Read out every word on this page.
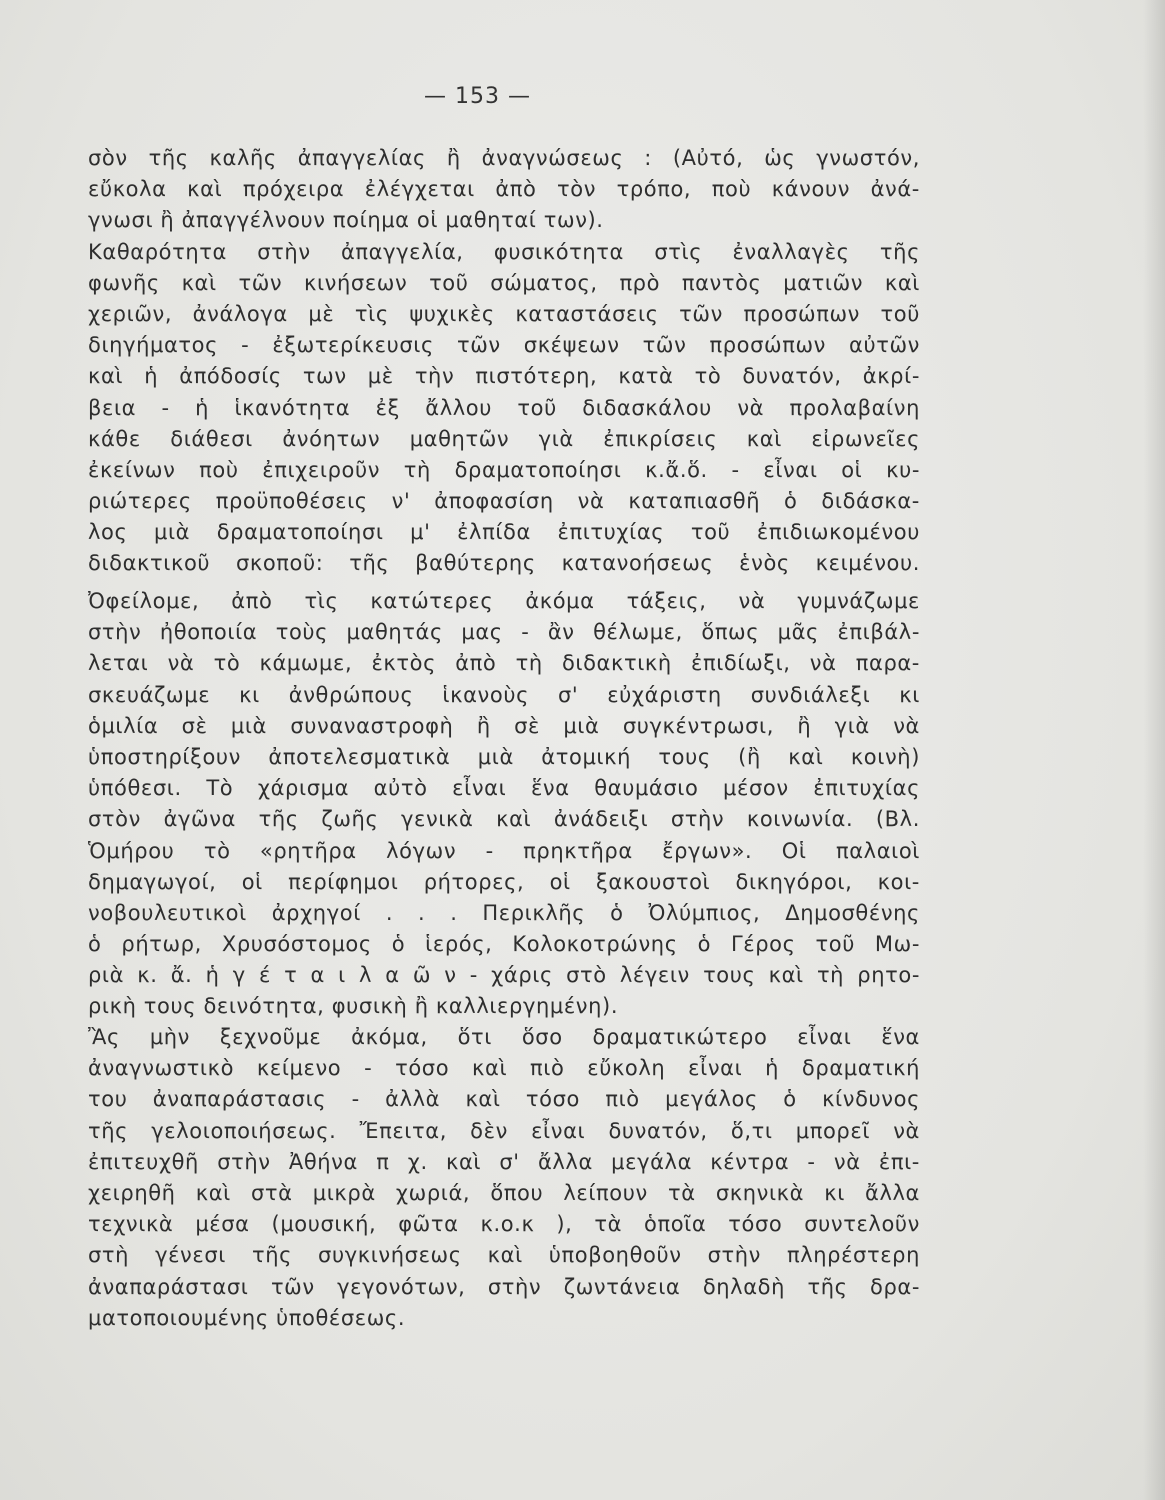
— 153 —
σὸν τῆς καλῆς ἀπαγγελίας ἢ ἀναγνώσεως : (Αὐτό, ὡς γνωστόν,
εὔκολα καὶ πρόχειρα ἐλέγχεται ἀπὸ τὸν τρόπο, ποὺ κάνουν ἀνά-
γνωσι ἢ ἀπαγγέλνουν ποίημα οἱ μαθηταί των).
Καθαρότητα στὴν ἀπαγγελία, φυσικότητα στὶς ἐναλλαγὲς τῆς
φωνῆς καὶ τῶν κινήσεων τοῦ σώματος, πρὸ παντὸς ματιῶν καὶ
χεριῶν, ἀνάλογα μὲ τὶς ψυχικὲς καταστάσεις τῶν προσώπων τοῦ
διηγήματος - ἐξωτερίκευσις τῶν σκέψεων τῶν προσώπων αὐτῶν
καὶ ἡ ἀπόδοσίς των μὲ τὴν πιστότερη, κατὰ τὸ δυνατόν, ἀκρί-
βεια - ἡ ἱκανότητα ἐξ ἄλλου τοῦ διδασκάλου νὰ προλαβαίνη
κάθε διάθεσι ἀνόητων μαθητῶν γιὰ ἐπικρίσεις καὶ εἰρωνεῖες
ἐκείνων ποὺ ἐπιχειροῦν τὴ δραματοποίησι κ.ἄ.ὅ. - εἶναι οἱ κυ-
ριώτερες προϋποθέσεις ν' ἀποφασίση νὰ καταπιασθῆ ὁ διδάσκα-
λος μιὰ δραματοποίησι μ' ἐλπίδα ἐπιτυχίας τοῦ ἐπιδιωκομένου
διδακτικοῦ σκοποῦ: τῆς βαθύτερης κατανοήσεως ἑνὸς κειμένου.
Ὀφείλομε, ἀπὸ τὶς κατώτερες ἀκόμα τάξεις, νὰ γυμνάζωμε
στὴν ἠθοποιία τοὺς μαθητάς μας - ἂν θέλωμε, ὅπως μᾶς ἐπιβάλ-
λεται νὰ τὸ κάμωμε, ἐκτὸς ἀπὸ τὴ διδακτικὴ ἐπιδίωξι, νὰ παρα-
σκευάζωμε κι ἀνθρώπους ἱκανοὺς σ' εὐχάριστη συνδιάλεξι κι
ὁμιλία σὲ μιὰ συναναστροφὴ ἢ σὲ μιὰ συγκέντρωσι, ἢ γιὰ νὰ
ὑποστηρίξουν ἀποτελεσματικὰ μιὰ ἀτομική τους (ἢ καὶ κοινὴ)
ὑπόθεσι. Τὸ χάρισμα αὐτὸ εἶναι ἕνα θαυμάσιο μέσον ἐπιτυχίας
στὸν ἀγῶνα τῆς ζωῆς γενικὰ καὶ ἀνάδειξι στὴν κοινωνία. (Βλ.
Ὁμήρου τὸ «ρητῆρα λόγων - πρηκτῆρα ἔργων». Οἱ παλαιοὶ
δημαγωγοί, οἱ περίφημοι ρήτορες, οἱ ξακουστοὶ δικηγόροι, κοι-
νοβουλευτικοὶ ἀρχηγοί . . . Περικλῆς ὁ Ὀλύμπιος, Δημοσθένης
ὁ ρήτωρ, Χρυσόστομος ὁ ἱερός, Κολοκοτρώνης ὁ Γέρος τοῦ Μω-
ριὰ κ. ἄ. ἡ γ έ τ α ι λ α ῶ ν - χάρις στὸ λέγειν τους καὶ τὴ ρητο-
ρικὴ τους δεινότητα, φυσικὴ ἢ καλλιεργημένη).
Ἂς μὴν ξεχνοῦμε ἀκόμα, ὅτι ὅσο δραματικώτερο εἶναι ἕνα
ἀναγνωστικὸ κείμενο - τόσο καὶ πιὸ εὔκολη εἶναι ἡ δραματική
του ἀναπαράστασις - ἀλλὰ καὶ τόσο πιὸ μεγάλος ὁ κίνδυνος
τῆς γελοιοποιήσεως. Ἔπειτα, δὲν εἶναι δυνατόν, ὅ,τι μπορεῖ νὰ
ἐπιτευχθῆ στὴν Ἀθήνα π χ. καὶ σ' ἄλλα μεγάλα κέντρα - νὰ ἐπι-
χειρηθῆ καὶ στὰ μικρὰ χωριά, ὅπου λείπουν τὰ σκηνικὰ κι ἄλλα
τεχνικὰ μέσα (μουσική, φῶτα κ.ο.κ ), τὰ ὁποῖα τόσο συντελοῦν
στὴ γένεσι τῆς συγκινήσεως καὶ ὑποβοηθοῦν στὴν πληρέστερη
ἀναπαράστασι τῶν γεγονότων, στὴν ζωντάνεια δηλαδὴ τῆς δρα-
ματοποιουμένης ὑποθέσεως.
